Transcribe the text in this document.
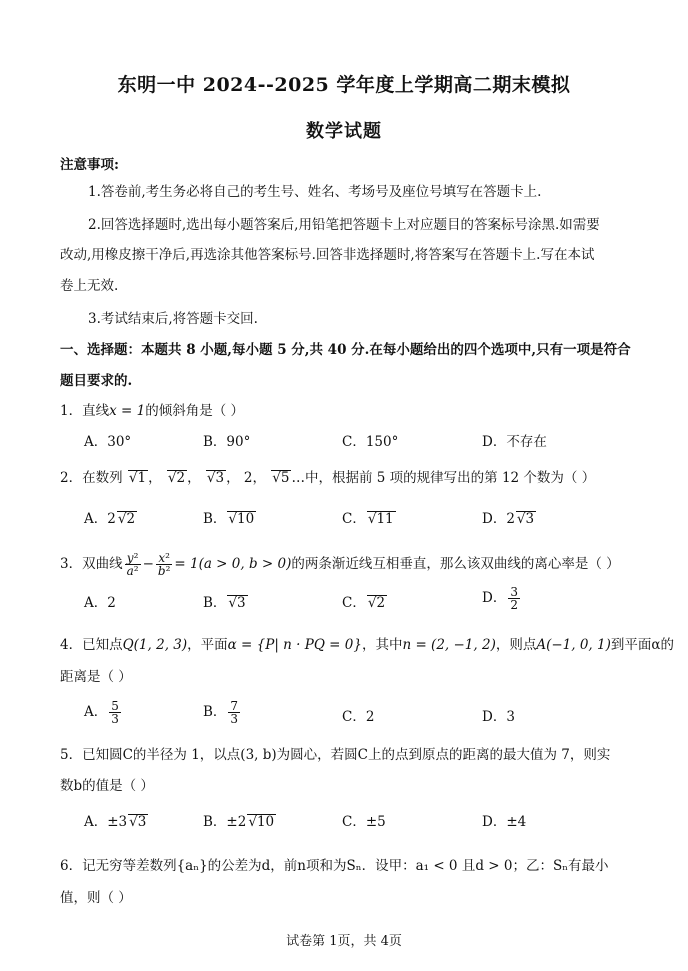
东明一中 2024--2025 学年度上学期高二期末模拟
数学试题
注意事项:
1.答卷前,考生务必将自己的考生号、姓名、考场号及座位号填写在答题卡上.
2.回答选择题时,选出每小题答案后,用铅笔把答题卡上对应题目的答案标号涂黑.如需要
改动,用橡皮擦干净后,再选涂其他答案标号.回答非选择题时,将答案写在答题卡上.写在本试
卷上无效.
3.考试结束后,将答题卡交回.
一、选择题：本题共 8 小题,每小题 5 分,共 40 分.在每小题给出的四个选项中,只有一项是符合
题目要求的.
1．直线x = 1的倾斜角是（ ）
A．30°	B．90°	C．150°	D．不存在
2．在数列 √ 1 ， √ 2 ， √ 3 ， 2， √ 5 …中，根据前 5 项的规律写出的第 12 个数为（ ）
A．2 √ 2	B． √ 10	C． √ 11	D．2 √ 3
3．双曲线 $\frac{\text{y²}}{\text{a²}} - \frac{\text{x²}}{\text{b²}} = 1(a > 0$, b > 0)的两条渐近线互相垂直，那么该双曲线的离心率是（ ）
A．2	B． √ 3	C． √ 2	D． $\frac{3}{2}$
4．已知点Q(1, 2, 3)，平面α = {P| n · PQ = 0}，其中n = (2, −1, 2)，则点A(−1, 0, 1)到平面α的
距离是（ ）
A． $\frac{5}{3}$	B． $\frac{7}{3}$	C．2	D．3
5．已知圆C的半径为 1，以点(3, b)为圆心，若圆C上的点到原点的距离的最大值为 7，则实
数b的值是（ ）
A．±3 √ 3	B．±2 √ 10	C．±5	D．±4
6．记无穷等差数列{aₙ}的公差为d，前n项和为Sₙ．设甲：a₁ < 0 且d > 0；乙：Sₙ有最小
值，则（ ）
试卷第 1页，共 4页
